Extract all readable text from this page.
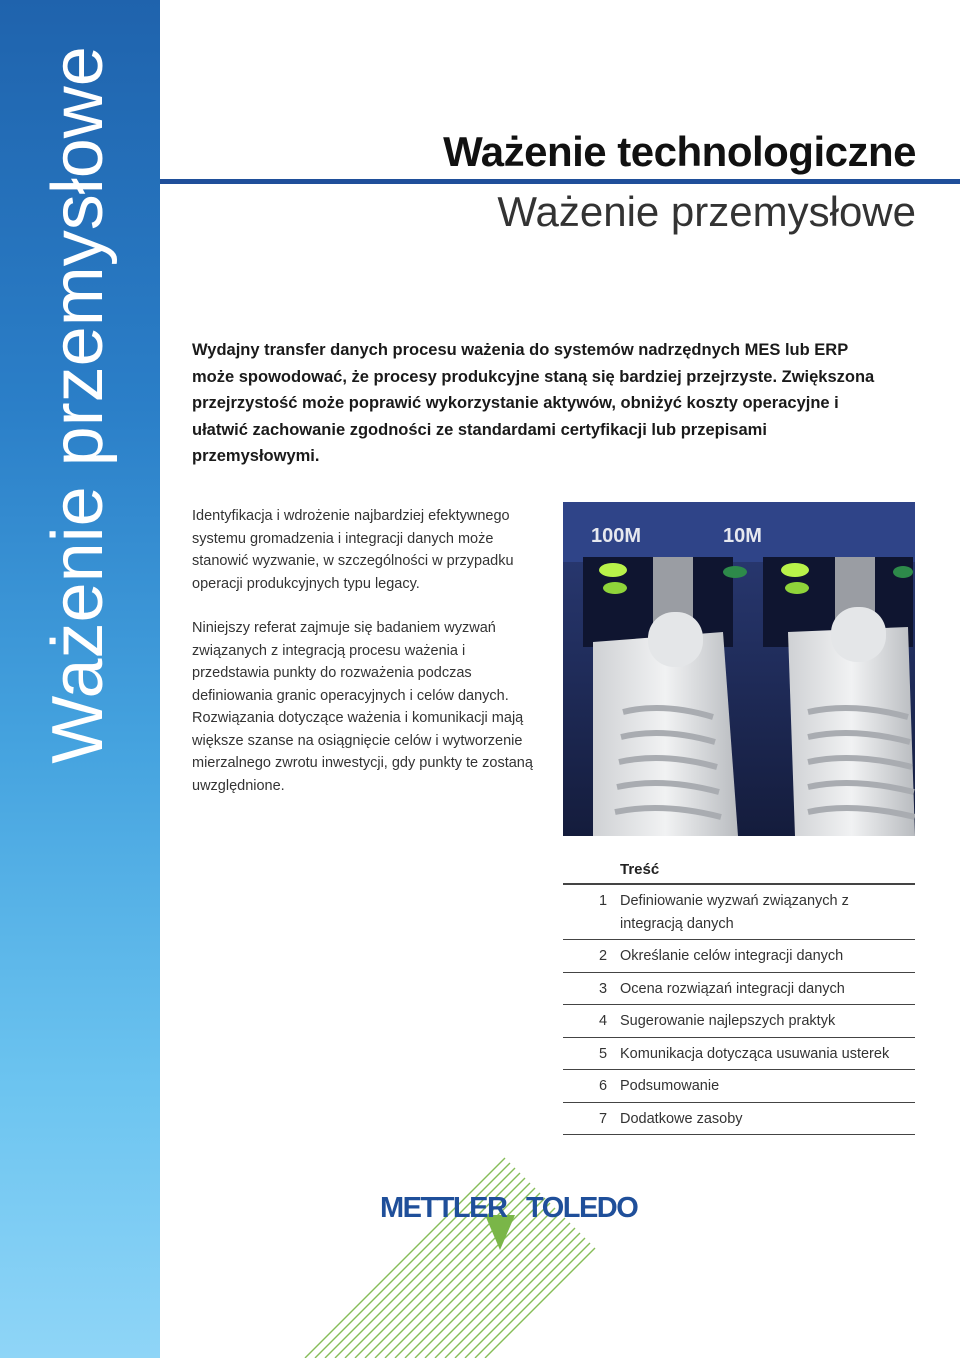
Ważenie przemysłowe	Ważenie technologiczne
Ważenie przemysłowe
Wydajny transfer danych procesu ważenia do systemów nadrzędnych MES lub ERP może spowodować, że procesy produkcyjne staną się bardziej przejrzyste. Zwiększona przejrzystość może poprawić wykorzystanie aktywów, obniżyć koszty operacyjne i ułatwić zachowanie zgodności ze standardami certyfikacji lub przepisami przemysłowymi.
Identyfikacja i wdrożenie najbardziej efektywnego systemu gromadzenia i integracji danych może stanowić wyzwanie, w szczególności w przypadku operacji produkcyjnych typu legacy.
Niniejszy referat zajmuje się badaniem wyzwań związanych z integracją procesu ważenia i przedstawia punkty do rozważenia podczas definiowania granic operacyjnych i celów danych. Rozwiązania dotyczące ważenia i komunikacji mają większe szanse na osiągnięcie celów i wytworzenie mierzalnego zwrotu inwestycji, gdy punkty te zostaną uwzględnione.
100M	10M
Treść
1 Definiowanie wyzwań związanych z integracją danych
2 Określanie celów integracji danych
3 Ocena rozwiązań integracji danych
4 Sugerowanie najlepszych praktyk
5 Komunikacja dotycząca usuwania usterek
6 Podsumowanie
7 Dodatkowe zasoby
METTLER TOLEDO
